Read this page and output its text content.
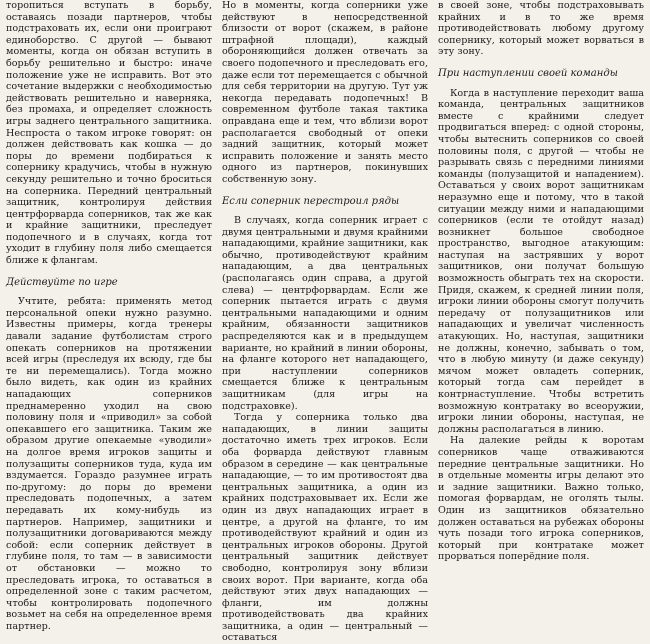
торопиться вступать в борьбу, оставаясь позади партнеров, чтобы подстраховать их, если они проиграют единоборство. С другой — бывают моменты, когда он обязан вступить в борьбу решительно и быстро: иначе положение уже не исправить. Вот это сочетание выдержки с необходимостью действовать решительно и наверняка, без промаха, и определяет сложность игры заднего центрального защитника. Неспроста о таком игроке говорят: он должен действовать как кошка — до поры до времени подбираться к сопернику крадучись, чтобы в нужную секунду решительно и точно броситься на соперника. Передний центральный защитник, контролируя действия центрфорварда соперников, так же как и крайние защитники, преследует подопечного и в случаях, когда тот уходит в глубину поля либо смещается ближе к флангам.

Действуйте по игре

Учтите, ребята: применять метод персональной опеки нужно разумно. Известны примеры, когда тренеры давали задание футболистам строго опекать соперников на протяжении всей игры (преследуя их всюду, где бы те ни перемещались). Тогда можно было видеть, как один из крайних нападающих соперников преднамеренно уходил на свою половину поля и «приводил» за собой опекавшего его защитника. Таким же образом другие опекаемые «уводили» на долгое время игроков защиты и полузащиты соперников туда, куда им вздумается. Гораздо разумнее играть по-другому: до поры до времени преследовать подопечных, а затем передавать их кому-нибудь из партнеров. Например, защитники и полузащитники договариваются между собой: если соперник действует в глубине поля, то там — в зависимости от обстановки — можно то преследовать игрока, то оставаться в определенной зоне с таким расчетом, чтобы контролировать подопечного возьмет на себя на определенное время партнер.

Но в моменты, когда соперники уже действуют в непосредственной близости от ворот (скажем, в районе штрафной площади), каждый обороняющийся должен отвечать за своего подопечного и преследовать его, даже если тот перемещается с обычной для себя территории на другую. Тут уж некогда передавать подопечных! В современном футболе такая тактика оправдана еще и тем, что вблизи ворот располагается свободный от опеки задний защитник, который может исправить положение и занять место одного из партнеров, покинувших собственную зону.

Если соперник перестроил ряды

В случаях, когда соперник играет с двумя центральными и двумя крайними нападающими, крайние защитники, как обычно, противодействуют крайним нападающим, а два центральных (располагаясь один справа, а другой слева) — центрфорвардам. Если же соперник пытается играть с двумя центральными нападающими и одним крайним, обязанности защитников распределяются как и в предыдущем варианте, но крайний в линии обороны, на фланге которого нет нападающего, при наступлении соперников смещается ближе к центральным защитникам (для игры на подстраховке).

Тогда у соперника только два нападающих, в линии защиты достаточно иметь трех игроков. Если оба форварда действуют главным образом в середине — как центральные нападающие, — то им противостоят два центральных защитника, а один из крайних подстраховывает их. Если же один из двух нападающих играет в центре, а другой на фланге, то им противодействуют крайний и один из центральных игроков обороны. Другой центральный защитник действует свободно, контролируя зону вблизи своих ворот. При варианте, когда оба действуют этих двух нападающих — фланги, им должны противодействовать два крайних защитника, а один — центральный — оставаться

в своей зоне, чтобы подстраховывать крайних и в то же время противодействовать любому другому сопернику, который может ворваться в эту зону.

При наступлении своей команды

Когда в наступление переходит ваша команда, центральных защитников вместе с крайними следует продвигаться вперед: с одной стороны, чтобы вытеснить соперников со своей половины поля, с другой — чтобы не разрывать связь с передними линиями команды (полузащитой и нападением). Оставаться у своих ворот защитникам неразумно еще и потому, что в такой ситуации между ними и нападающими соперников (если те отойдут назад) возникнет большое свободное пространство, выгодное атакующим: наступая на застрявших у ворот защитников, они получат большую возможность обыграть тех на скорости. Придя, скажем, к средней линии поля, игроки линии обороны смогут получить передачу от полузащитников или нападающих и увеличат численность атакующих. Но, наступая, защитники не должны, конечно, забывать о том, что в любую минуту (и даже секунду) мячом может овладеть соперник, который тогда сам перейдет в контрнаступление. Чтобы встретить возможную контратаку во всеоружии, игроки линии обороны, наступая, не должны располагаться в линию.

На далекие рейды к воротам соперников чаще отваживаются передние центральные защитники. Но в отдельные моменты игры делают это и задние защитники. Важно только, помогая форвардам, не оголять тылы. Один из защитников обязательно должен оставаться на рубежах обороны чуть позади того игрока соперников, который при контратаке может прорваться поперёдние поля.
